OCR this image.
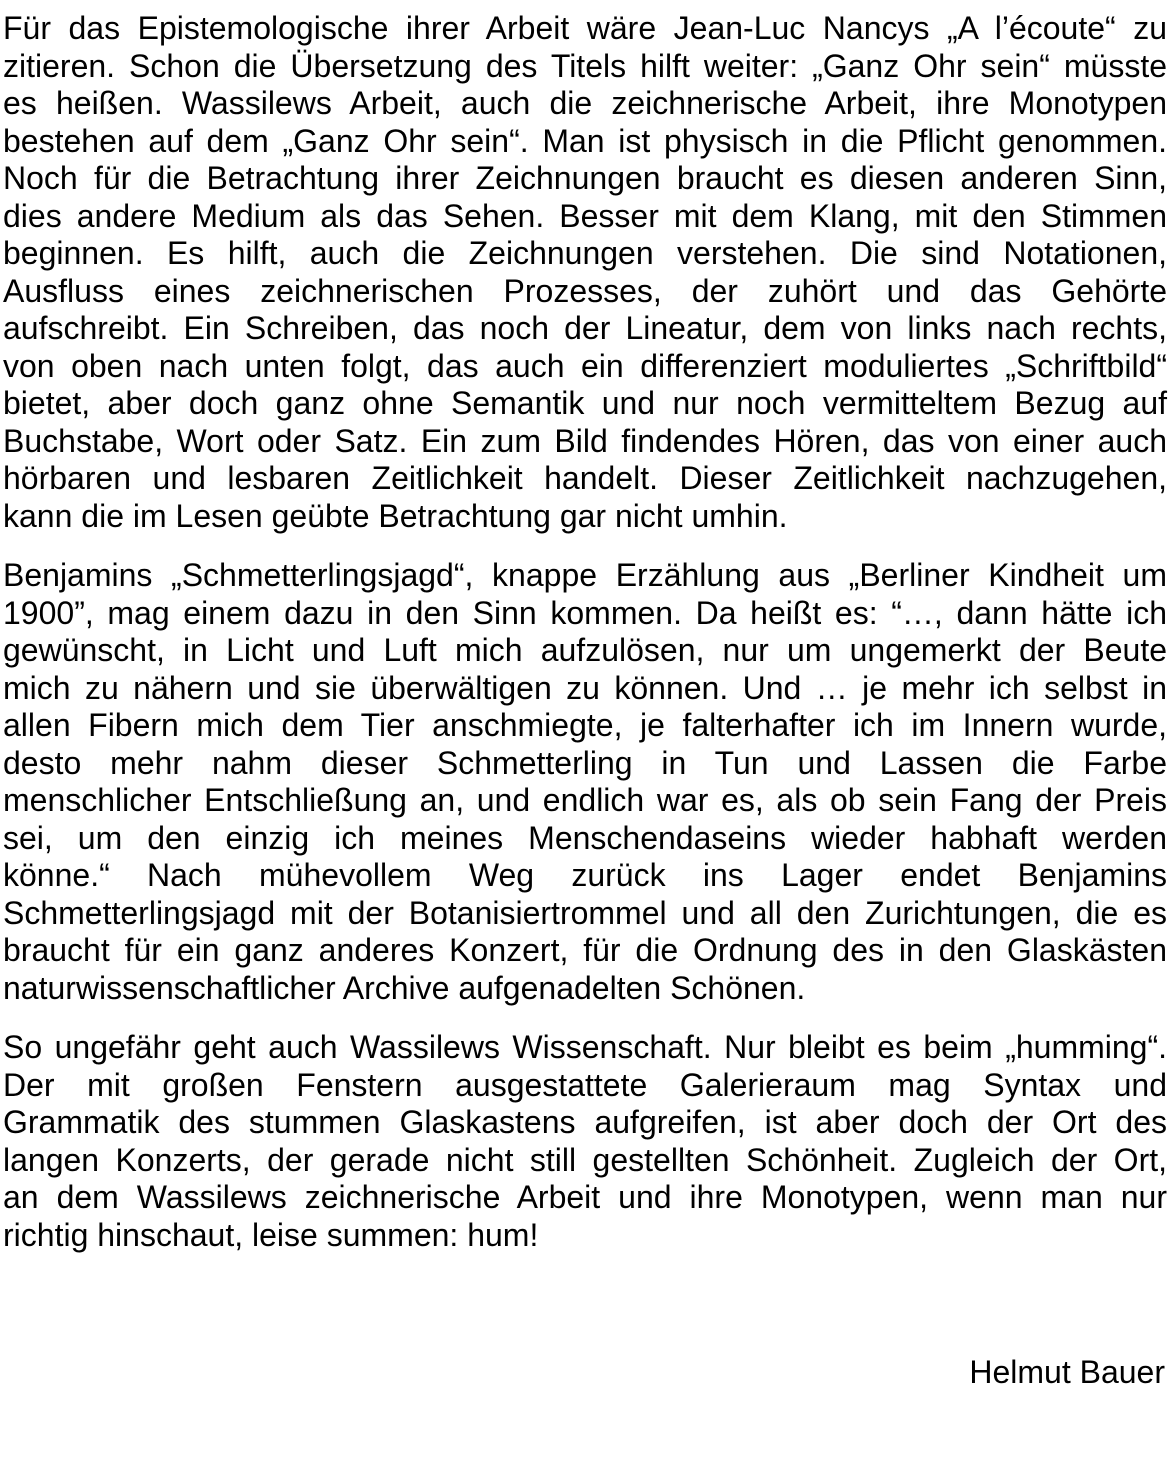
Für das Epistemologische ihrer Arbeit wäre Jean-Luc Nancys „A l’écoute“ zu
zitieren. Schon die Übersetzung des Titels hilft weiter: „Ganz Ohr sein“ müsste
es heißen. Wassilews Arbeit, auch die zeichnerische Arbeit, ihre Monotypen
bestehen auf dem „Ganz Ohr sein“. Man ist physisch in die Pflicht genommen.
Noch für die Betrachtung ihrer Zeichnungen braucht es diesen anderen Sinn,
dies andere Medium als das Sehen. Besser mit dem Klang, mit den Stimmen
beginnen. Es hilft, auch die Zeichnungen verstehen. Die sind Notationen,
Ausfluss eines zeichnerischen Prozesses, der zuhört und das Gehörte
aufschreibt. Ein Schreiben, das noch der Lineatur, dem von links nach rechts,
von oben nach unten folgt, das auch ein differenziert moduliertes „Schriftbild“
bietet, aber doch ganz ohne Semantik und nur noch vermitteltem Bezug auf
Buchstabe, Wort oder Satz. Ein zum Bild findendes Hören, das von einer auch
hörbaren und lesbaren Zeitlichkeit handelt. Dieser Zeitlichkeit nachzugehen,
kann die im Lesen geübte Betrachtung gar nicht umhin.
Benjamins „Schmetterlingsjagd“, knappe Erzählung aus „Berliner Kindheit um
1900”, mag einem dazu in den Sinn kommen. Da heißt es: “…, dann hätte ich
gewünscht, in Licht und Luft mich aufzulösen, nur um ungemerkt der Beute
mich zu nähern und sie überwältigen zu können. Und … je mehr ich selbst in
allen Fibern mich dem Tier anschmiegte, je falterhafter ich im Innern wurde,
desto mehr nahm dieser Schmetterling in Tun und Lassen die Farbe
menschlicher Entschließung an, und endlich war es, als ob sein Fang der Preis
sei, um den einzig ich meines Menschendaseins wieder habhaft werden
könne.“ Nach mühevollem Weg zurück ins Lager endet Benjamins
Schmetterlingsjagd mit der Botanisiertrommel und all den Zurichtungen, die es
braucht für ein ganz anderes Konzert, für die Ordnung des in den Glaskästen
naturwissenschaftlicher Archive aufgenadelten Schönen.
So ungefähr geht auch Wassilews Wissenschaft. Nur bleibt es beim „humming“.
Der mit großen Fenstern ausgestattete Galerieraum mag Syntax und
Grammatik des stummen Glaskastens aufgreifen, ist aber doch der Ort des
langen Konzerts, der gerade nicht still gestellten Schönheit. Zugleich der Ort,
an dem Wassilews zeichnerische Arbeit und ihre Monotypen, wenn man nur
richtig hinschaut, leise summen: hum!

Helmut Bauer
